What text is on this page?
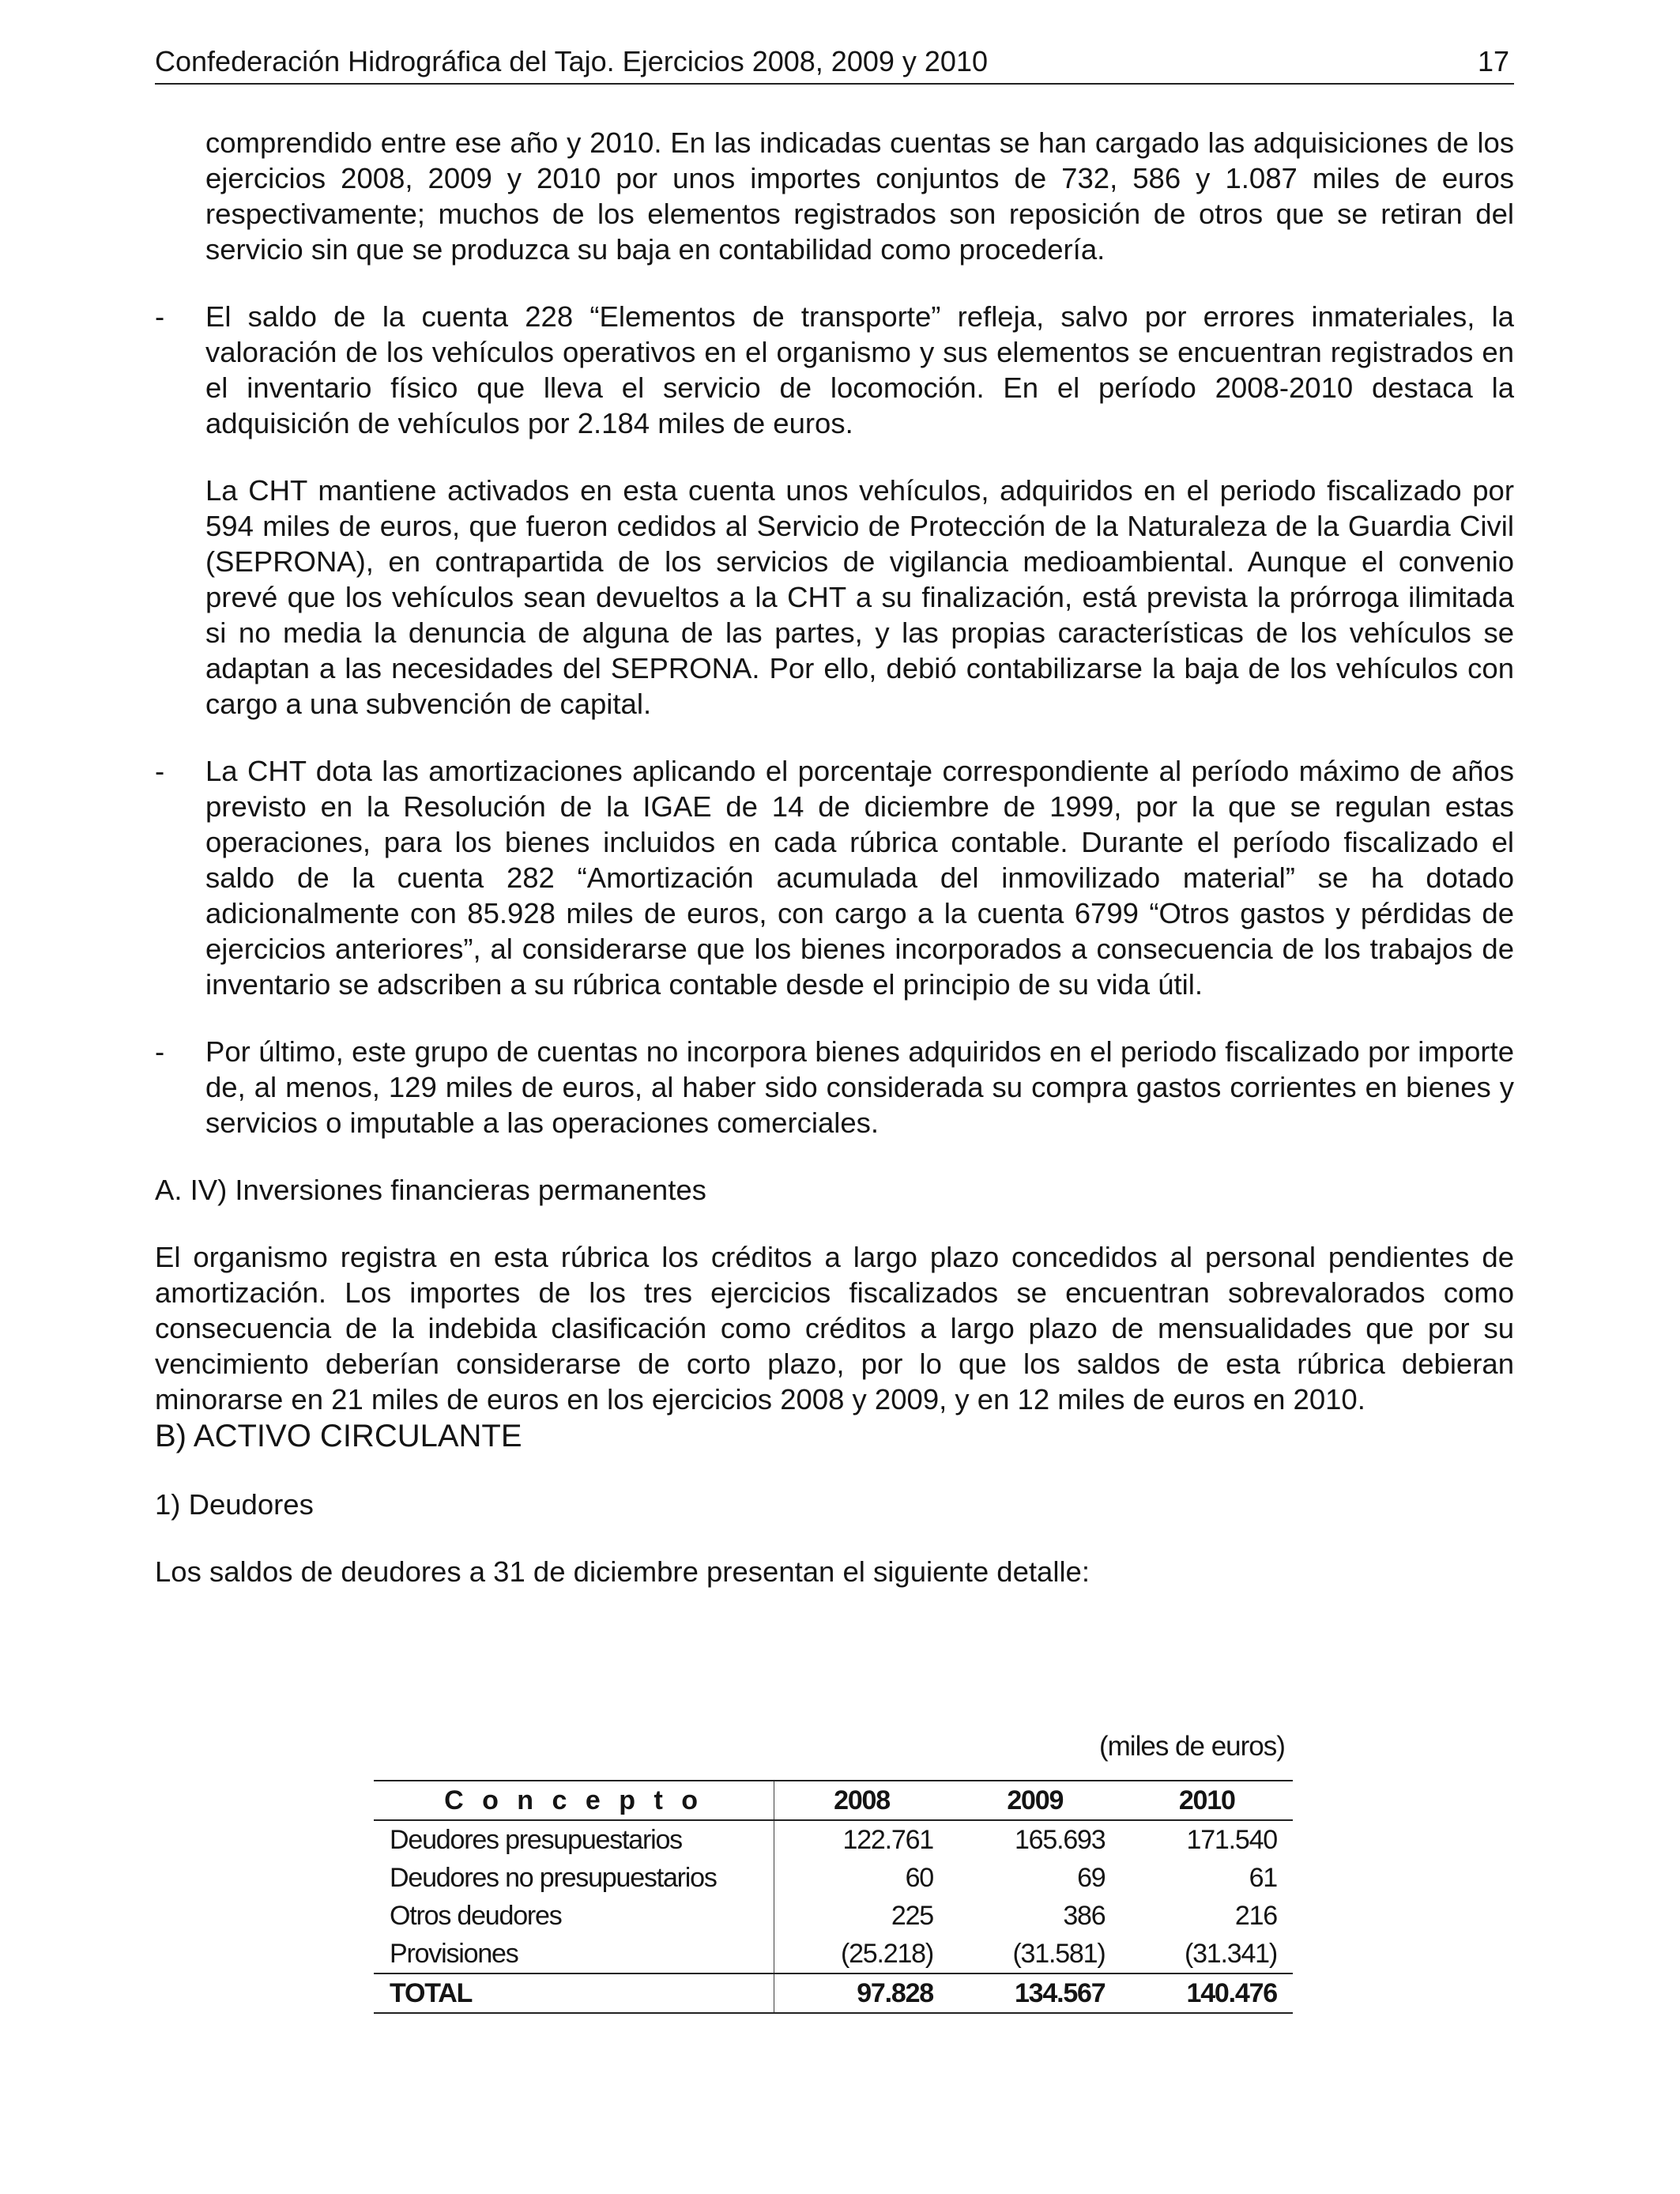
Confederación Hidrográfica del Tajo. Ejercicios 2008, 2009 y 2010	17

comprendido entre ese año y 2010. En las indicadas cuentas se han cargado las adquisiciones de los ejercicios 2008, 2009 y 2010 por unos importes conjuntos de 732, 586 y 1.087 miles de euros respectivamente; muchos de los elementos registrados son reposición de otros que se retiran del servicio sin que se produzca su baja en contabilidad como procedería.

- El saldo de la cuenta 228 “Elementos de transporte” refleja, salvo por errores inmateriales, la valoración de los vehículos operativos en el organismo y sus elementos se encuentran registrados en el inventario físico que lleva el servicio de locomoción. En el período 2008-2010 destaca la adquisición de vehículos por 2.184 miles de euros.

La CHT mantiene activados en esta cuenta unos vehículos, adquiridos en el periodo fiscalizado por 594 miles de euros, que fueron cedidos al Servicio de Protección de la Naturaleza de la Guardia Civil (SEPRONA), en contrapartida de los servicios de vigilancia medioambiental. Aunque el convenio prevé que los vehículos sean devueltos a la CHT a su finalización, está prevista la prórroga ilimitada si no media la denuncia de alguna de las partes, y las propias características de los vehículos se adaptan a las necesidades del SEPRONA. Por ello, debió contabilizarse la baja de los vehículos con cargo a una subvención de capital.

- La CHT dota las amortizaciones aplicando el porcentaje correspondiente al período máximo de años previsto en la Resolución de la IGAE de 14 de diciembre de 1999, por la que se regulan estas operaciones, para los bienes incluidos en cada rúbrica contable. Durante el período fiscalizado el saldo de la cuenta 282 “Amortización acumulada del inmovilizado material” se ha dotado adicionalmente con 85.928 miles de euros, con cargo a la cuenta 6799 “Otros gastos y pérdidas de ejercicios anteriores”, al considerarse que los bienes incorporados a consecuencia de los trabajos de inventario se adscriben a su rúbrica contable desde el principio de su vida útil.

- Por último, este grupo de cuentas no incorpora bienes adquiridos en el periodo fiscalizado por importe de, al menos, 129 miles de euros, al haber sido considerada su compra gastos corrientes en bienes y servicios o imputable a las operaciones comerciales.

A. IV) Inversiones financieras permanentes

El organismo registra en esta rúbrica los créditos a largo plazo concedidos al personal pendientes de amortización. Los importes de los tres ejercicios fiscalizados se encuentran sobrevalorados como consecuencia de la indebida clasificación como créditos a largo plazo de mensualidades que por su vencimiento deberían considerarse de corto plazo, por lo que los saldos de esta rúbrica debieran minorarse en 21 miles de euros en los ejercicios 2008 y 2009, y en 12 miles de euros en 2010.

B) ACTIVO CIRCULANTE

1) Deudores

Los saldos de deudores a 31 de diciembre presentan el siguiente detalle:

(miles de euros)
C o n c e p t o	2008	2009	2010
Deudores presupuestarios	122.761	165.693	171.540
Deudores no presupuestarios	60	69	61
Otros deudores	225	386	216
Provisiones	(25.218)	(31.581)	(31.341)
TOTAL	97.828	134.567	140.476
